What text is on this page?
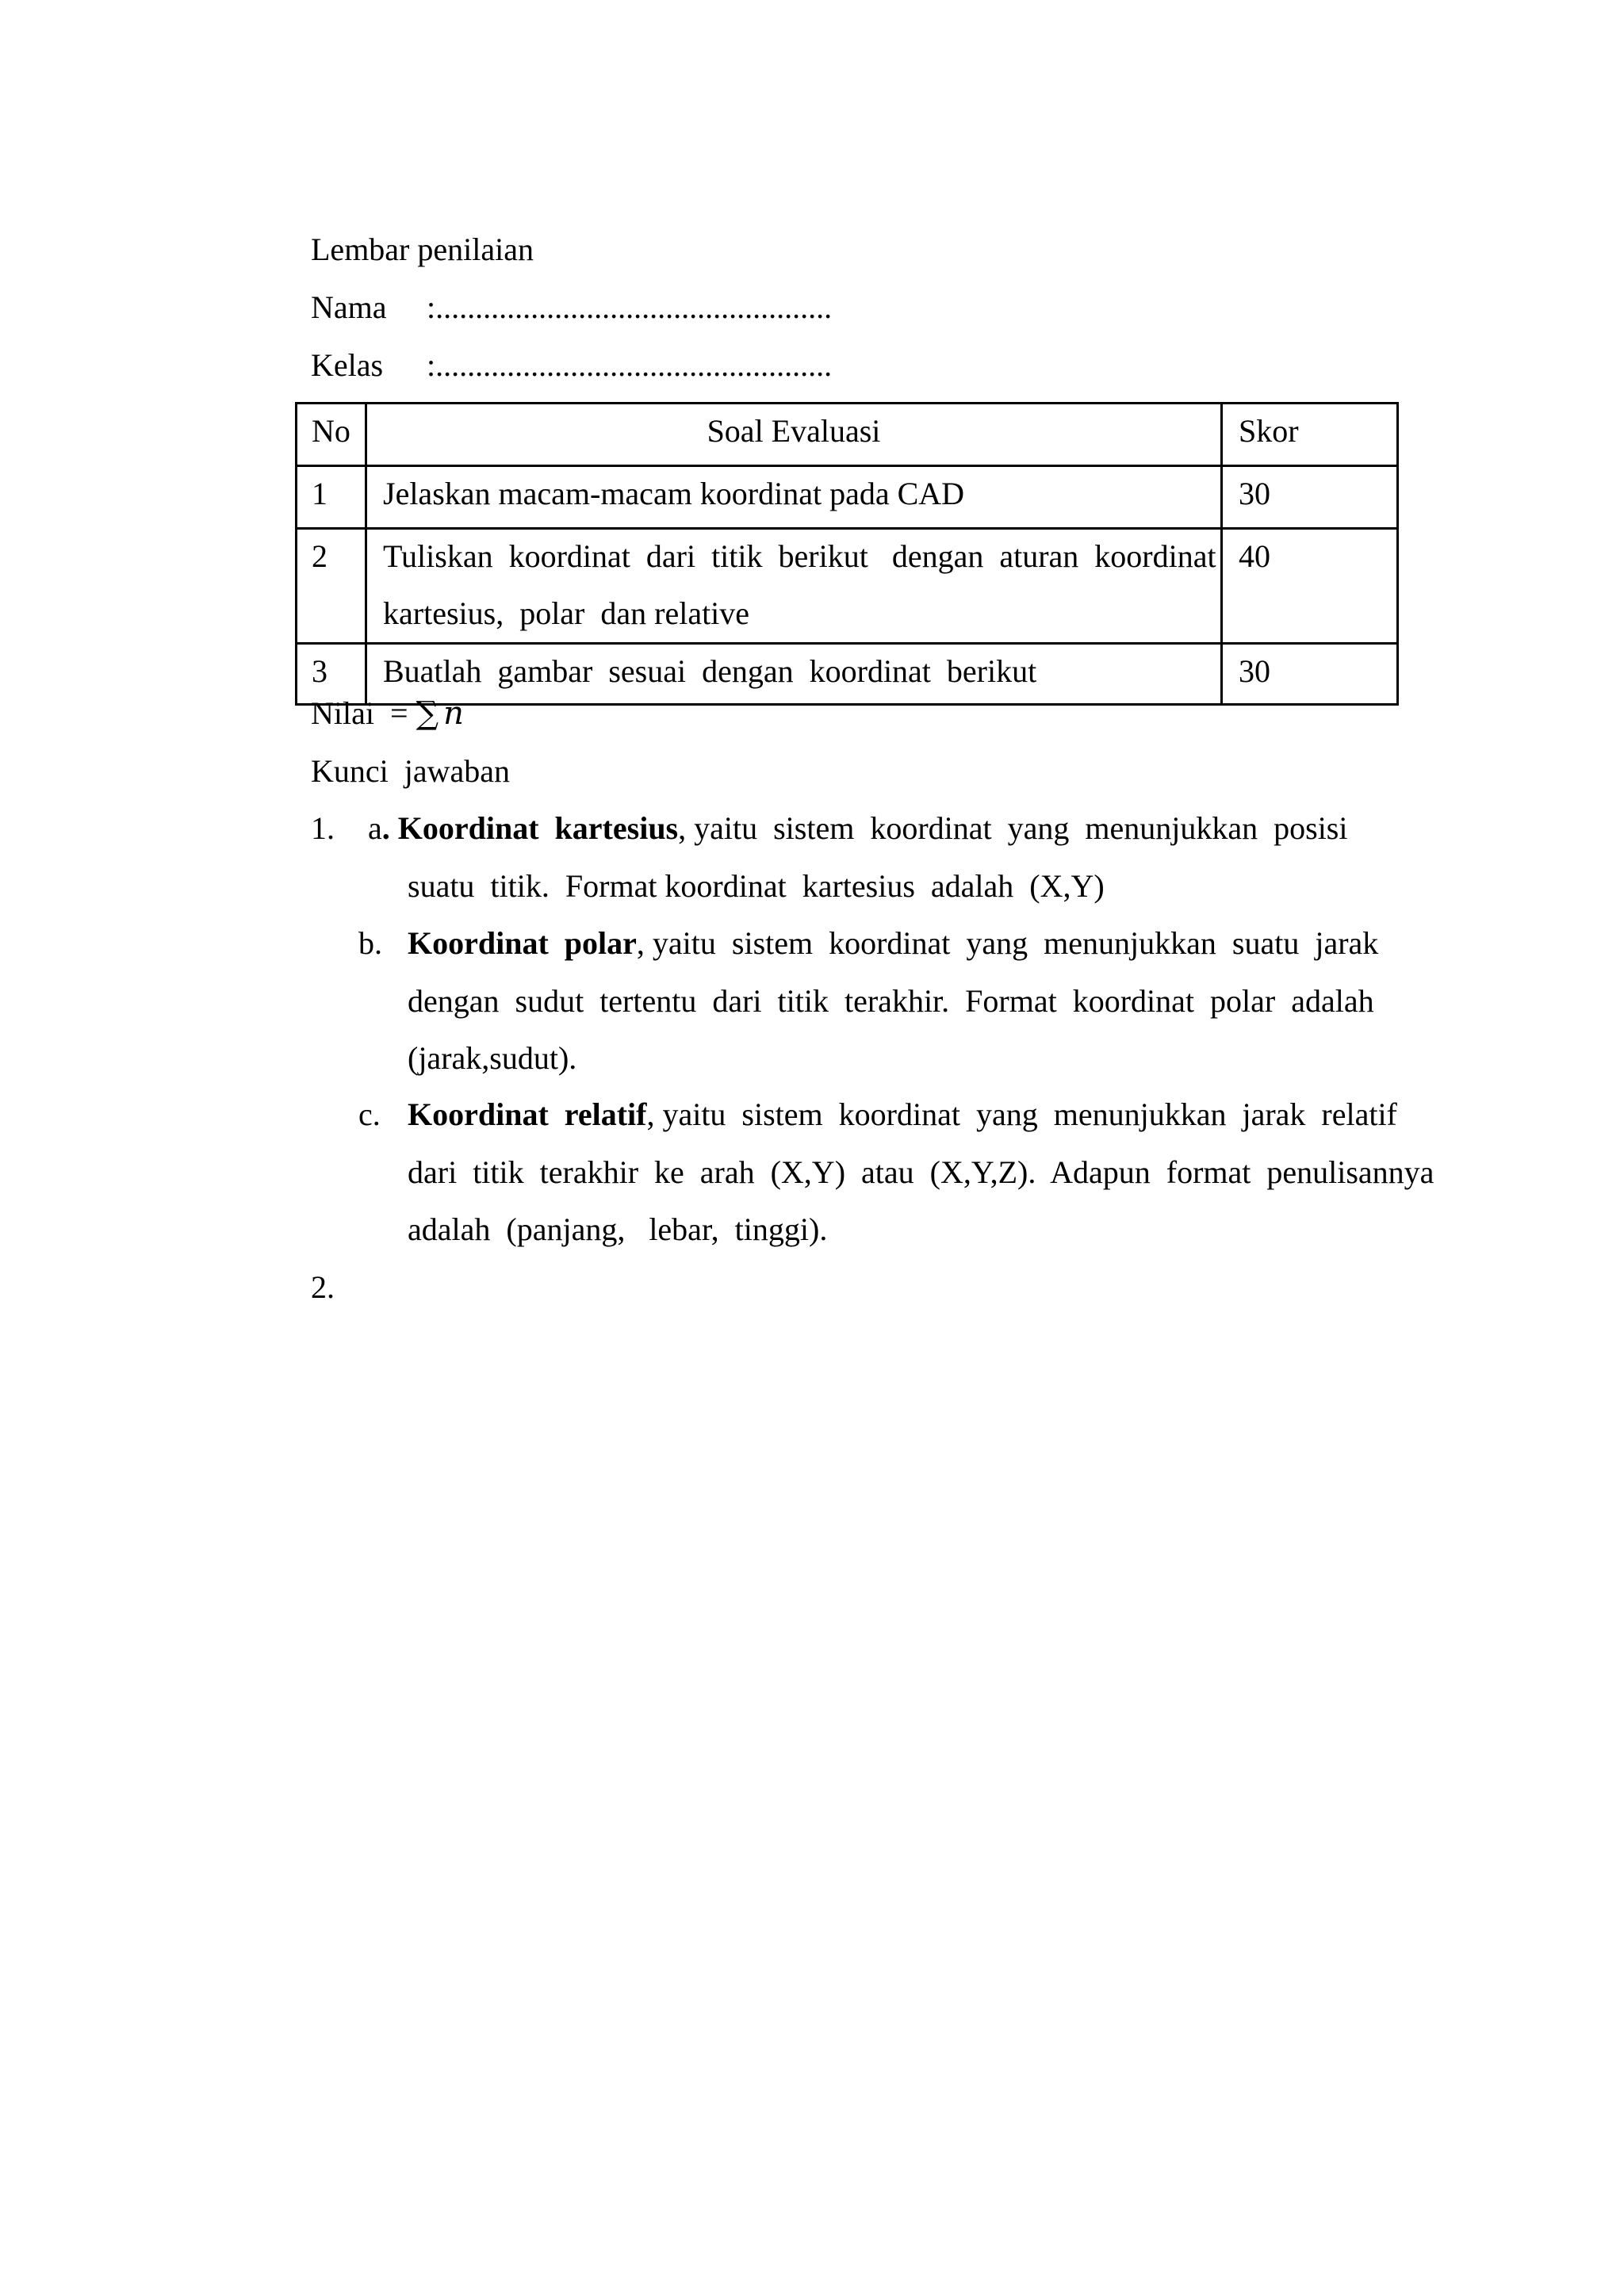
Lembar penilaian
Nama :..................................................
Kelas :..................................................
No	Soal Evaluasi	Skor
1	Jelaskan macam-macam koordinat pada CAD	30
2	Tuliskan  koordinat  dari  titik  berikut   dengan  aturan  koordinat
kartesius,  polar  dan relative	40
3	Buatlah  gambar  sesuai  dengan  koordinat  berikut	30
Nilai  = ∑ n
Kunci  jawaban
1. a. Koordinat  kartesius, yaitu  sistem  koordinat  yang  menunjukkan  posisi
suatu  titik.  Format koordinat  kartesius  adalah  (X,Y)
b. Koordinat  polar, yaitu  sistem  koordinat  yang  menunjukkan  suatu  jarak
dengan  sudut  tertentu  dari  titik  terakhir.  Format  koordinat  polar  adalah
(jarak,sudut).
c. Koordinat  relatif, yaitu  sistem  koordinat  yang  menunjukkan  jarak  relatif
dari  titik  terakhir  ke  arah  (X,Y)  atau  (X,Y,Z).  Adapun  format  penulisannya
adalah  (panjang,   lebar,  tinggi).
2.
